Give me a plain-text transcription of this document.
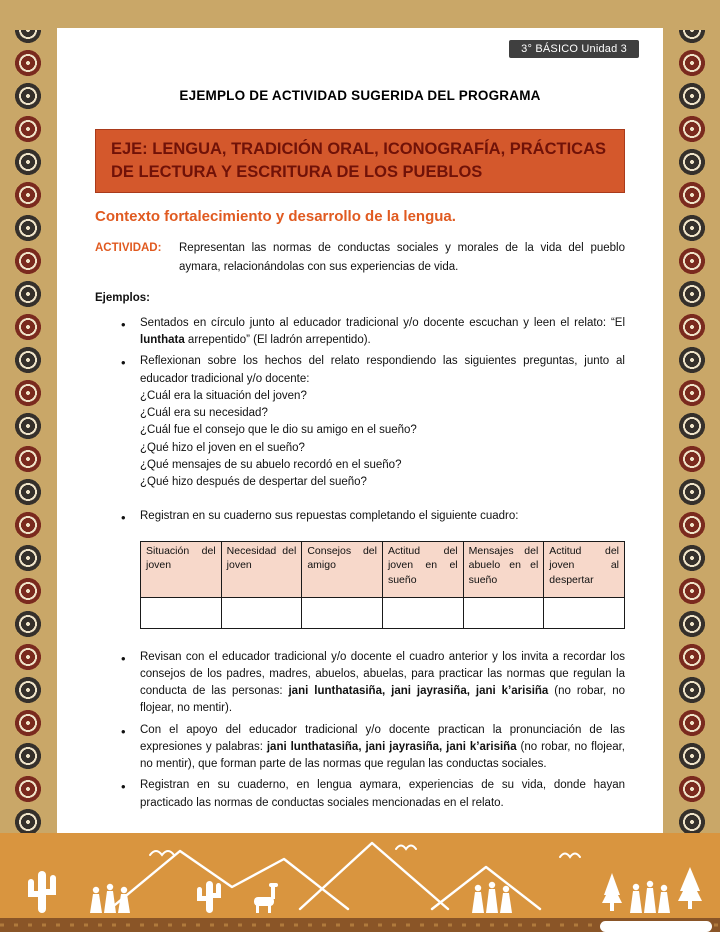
3° BÁSICO Unidad 3
EJEMPLO DE ACTIVIDAD SUGERIDA DEL PROGRAMA
EJE: LENGUA, TRADICIÓN ORAL, ICONOGRAFÍA, PRÁCTICAS DE LECTURA Y ESCRITURA DE LOS PUEBLOS
Contexto fortalecimiento y desarrollo de la lengua.

ACTIVIDAD: Representan las normas de conductas sociales y morales de la vida del pueblo aymara, relacionándolas con sus experiencias de vida.

Ejemplos:
• Sentados en círculo junto al educador tradicional y/o docente escuchan y leen el relato: “El lunthata arrepentido” (El ladrón arrepentido).
• Reflexionan sobre los hechos del relato respondiendo las siguientes preguntas, junto al educador tradicional y/o docente:
¿Cuál era la situación del joven?
¿Cuál era su necesidad?
¿Cuál fue el consejo que le dio su amigo en el sueño?
¿Qué hizo el joven en el sueño?
¿Qué mensajes de su abuelo recordó en el sueño?
¿Qué hizo después de despertar del sueño?
• Registran en su cuaderno sus repuestas completando el siguiente cuadro:
Situación del joven	Necesidad del joven	Consejos del amigo	Actitud del joven en el sueño	Mensajes del abuelo en el sueño	Actitud del joven al despertar

• Revisan con el educador tradicional y/o docente el cuadro anterior y los invita a recordar los consejos de los padres, madres, abuelos, abuelas, para practicar las normas que regulan la conducta de las personas: jani lunthatasiña, jani jayrasiña, jani k’arisiña (no robar, no flojear, no mentir).
• Con el apoyo del educador tradicional y/o docente practican la pronunciación de las expresiones y palabras: jani lunthatasiña, jani jayrasiña, jani k’arisiña (no robar, no flojear, no mentir), que forman parte de las normas que regulan las conductas sociales.
• Registran en su cuaderno, en lengua aymara, experiencias de su vida, donde hayan practicado las normas de conductas sociales mencionadas en el relato.
